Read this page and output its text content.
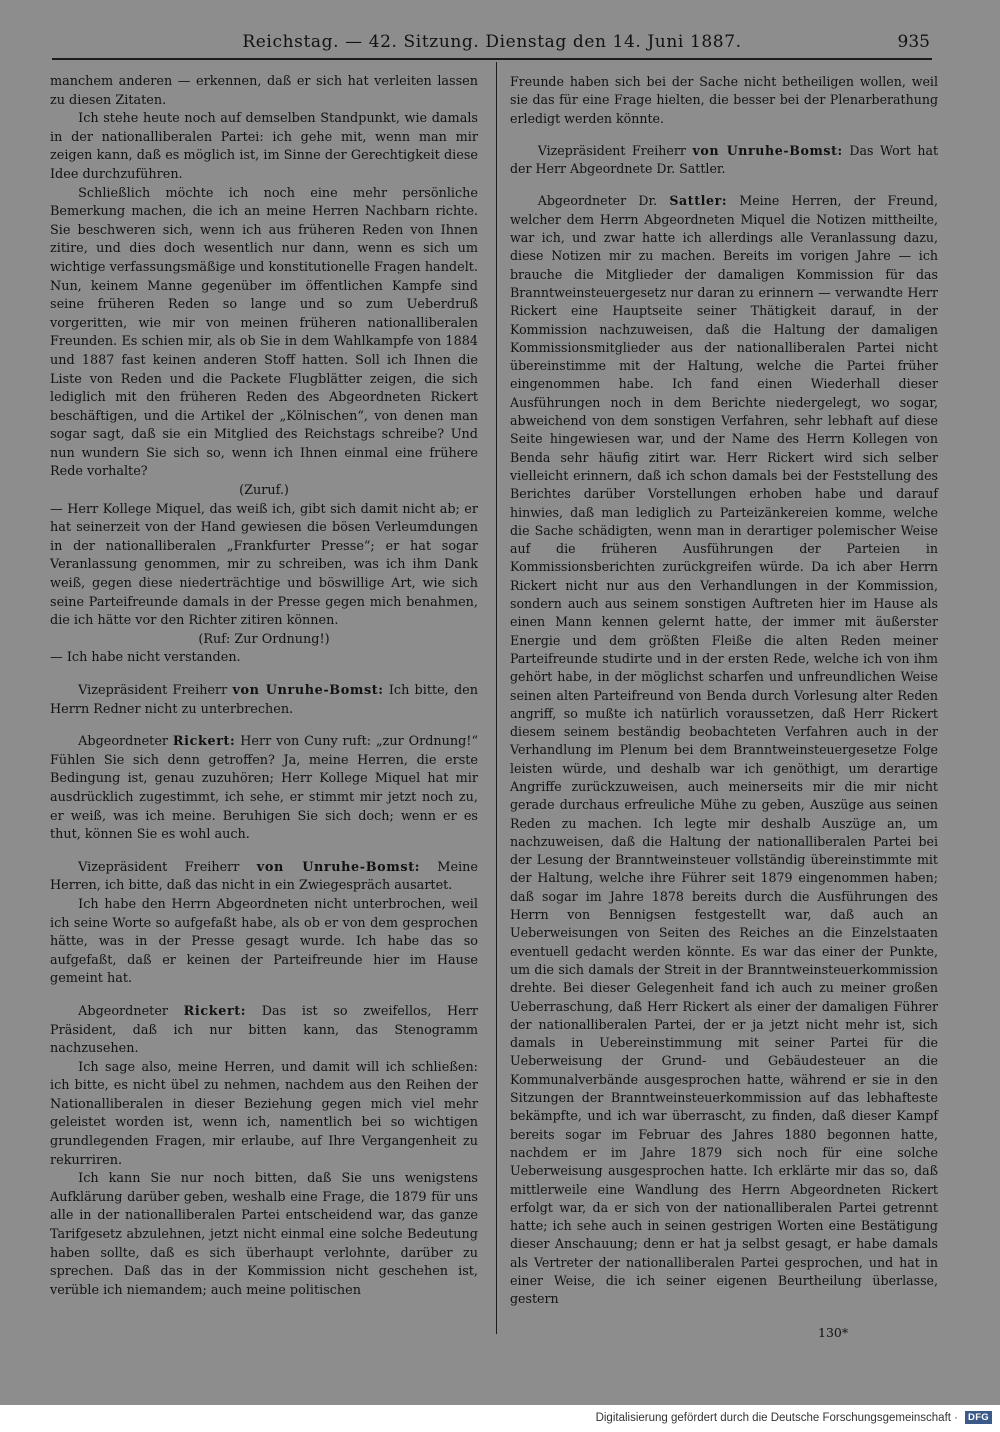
Reichstag. — 42. Sitzung. Dienstag den 14. Juni 1887.	935

manchem anderen — erkennen, daß er sich hat verleiten lassen zu diesen Zitaten.

Ich stehe heute noch auf demselben Standpunkt, wie damals in der nationalliberalen Partei: ich gehe mit, wenn man mir zeigen kann, daß es möglich ist, im Sinne der Gerechtigkeit diese Idee durchzuführen.

Schließlich möchte ich noch eine mehr persönliche Bemerkung machen, die ich an meine Herren Nachbarn richte. Sie beschweren sich, wenn ich aus früheren Reden von Ihnen zitire, und dies doch wesentlich nur dann, wenn es sich um wichtige verfassungsmäßige und konstitutionelle Fragen handelt. Nun, keinem Manne gegenüber im öffentlichen Kampfe sind seine früheren Reden so lange und so zum Ueberdruß vorgeritten, wie mir von meinen früheren nationalliberalen Freunden. Es schien mir, als ob Sie in dem Wahlkampfe von 1884 und 1887 fast keinen anderen Stoff hatten. Soll ich Ihnen die Liste von Reden und die Packete Flugblätter zeigen, die sich lediglich mit den früheren Reden des Abgeordneten Rickert beschäftigen, und die Artikel der „Kölnischen“, von denen man sogar sagt, daß sie ein Mitglied des Reichstags schreibe? Und nun wundern Sie sich so, wenn ich Ihnen einmal eine frühere Rede vorhalte?

(Zuruf.)

— Herr Kollege Miquel, das weiß ich, gibt sich damit nicht ab; er hat seinerzeit von der Hand gewiesen die bösen Verleumdungen in der nationalliberalen „Frankfurter Presse“; er hat sogar Veranlassung genommen, mir zu schreiben, was ich ihm Dank weiß, gegen diese niederträchtige und böswillige Art, wie sich seine Parteifreunde damals in der Presse gegen mich benahmen, die ich hätte vor den Richter zitiren können.

(Ruf: Zur Ordnung!)

— Ich habe nicht verstanden.

Vizepräsident Freiherr von Unruhe-Bomst: Ich bitte, den Herrn Redner nicht zu unterbrechen.

Abgeordneter Rickert: Herr von Cuny ruft: „zur Ordnung!“ Fühlen Sie sich denn getroffen? Ja, meine Herren, die erste Bedingung ist, genau zuzuhören; Herr Kollege Miquel hat mir ausdrücklich zugestimmt, ich sehe, er stimmt mir jetzt noch zu, er weiß, was ich meine. Beruhigen Sie sich doch; wenn er es thut, können Sie es wohl auch.

Vizepräsident Freiherr von Unruhe-Bomst: Meine Herren, ich bitte, daß das nicht in ein Zwiegespräch ausartet.

Ich habe den Herrn Abgeordneten nicht unterbrochen, weil ich seine Worte so aufgefaßt habe, als ob er von dem gesprochen hätte, was in der Presse gesagt wurde. Ich habe das so aufgefaßt, daß er keinen der Parteifreunde hier im Hause gemeint hat.

Abgeordneter Rickert: Das ist so zweifellos, Herr Präsident, daß ich nur bitten kann, das Stenogramm nachzusehen.

Ich sage also, meine Herren, und damit will ich schließen: ich bitte, es nicht übel zu nehmen, nachdem aus den Reihen der Nationalliberalen in dieser Beziehung gegen mich viel mehr geleistet worden ist, wenn ich, namentlich bei so wichtigen grundlegenden Fragen, mir erlaube, auf Ihre Vergangenheit zu rekurriren.

Ich kann Sie nur noch bitten, daß Sie uns wenigstens Aufklärung darüber geben, weshalb eine Frage, die 1879 für uns alle in der nationalliberalen Partei entscheidend war, das ganze Tarifgesetz abzulehnen, jetzt nicht einmal eine solche Bedeutung haben sollte, daß es sich überhaupt verlohnte, darüber zu sprechen. Daß das in der Kommission nicht geschehen ist, verüble ich niemandem; auch meine politischen

Freunde haben sich bei der Sache nicht betheiligen wollen, weil sie das für eine Frage hielten, die besser bei der Plenarberathung erledigt werden könnte.

Vizepräsident Freiherr von Unruhe-Bomst: Das Wort hat der Herr Abgeordnete Dr. Sattler.

Abgeordneter Dr. Sattler: Meine Herren, der Freund, welcher dem Herrn Abgeordneten Miquel die Notizen mittheilte, war ich, und zwar hatte ich allerdings alle Veranlassung dazu, diese Notizen mir zu machen. Bereits im vorigen Jahre — ich brauche die Mitglieder der damaligen Kommission für das Branntweinsteuergesetz nur daran zu erinnern — verwandte Herr Rickert eine Hauptseite seiner Thätigkeit darauf, in der Kommission nachzuweisen, daß die Haltung der damaligen Kommissionsmitglieder aus der nationalliberalen Partei nicht übereinstimme mit der Haltung, welche die Partei früher eingenommen habe. Ich fand einen Wiederhall dieser Ausführungen noch in dem Berichte niedergelegt, wo sogar, abweichend von dem sonstigen Verfahren, sehr lebhaft auf diese Seite hingewiesen war, und der Name des Herrn Kollegen von Benda sehr häufig zitirt war. Herr Rickert wird sich selber vielleicht erinnern, daß ich schon damals bei der Feststellung des Berichtes darüber Vorstellungen erhoben habe und darauf hinwies, daß man lediglich zu Parteizänkereien komme, welche die Sache schädigten, wenn man in derartiger polemischer Weise auf die früheren Ausführungen der Parteien in Kommissionsberichten zurückgreifen würde. Da ich aber Herrn Rickert nicht nur aus den Verhandlungen in der Kommission, sondern auch aus seinem sonstigen Auftreten hier im Hause als einen Mann kennen gelernt hatte, der immer mit äußerster Energie und dem größten Fleiße die alten Reden meiner Parteifreunde studirte und in der ersten Rede, welche ich von ihm gehört habe, in der möglichst scharfen und unfreundlichen Weise seinen alten Parteifreund von Benda durch Vorlesung alter Reden angriff, so mußte ich natürlich voraussetzen, daß Herr Rickert diesem seinem beständig beobachteten Verfahren auch in der Verhandlung im Plenum bei dem Branntweinsteuergesetze Folge leisten würde, und deshalb war ich genöthigt, um derartige Angriffe zurückzuweisen, auch meinerseits mir die mir nicht gerade durchaus erfreuliche Mühe zu geben, Auszüge aus seinen Reden zu machen. Ich legte mir deshalb Auszüge an, um nachzuweisen, daß die Haltung der nationalliberalen Partei bei der Lesung der Branntweinsteuer vollständig übereinstimmte mit der Haltung, welche ihre Führer seit 1879 eingenommen haben; daß sogar im Jahre 1878 bereits durch die Ausführungen des Herrn von Bennigsen festgestellt war, daß auch an Ueberweisungen von Seiten des Reiches an die Einzelstaaten eventuell gedacht werden könnte. Es war das einer der Punkte, um die sich damals der Streit in der Branntweinsteuerkommission drehte. Bei dieser Gelegenheit fand ich auch zu meiner großen Ueberraschung, daß Herr Rickert als einer der damaligen Führer der nationalliberalen Partei, der er ja jetzt nicht mehr ist, sich damals in Uebereinstimmung mit seiner Partei für die Ueberweisung der Grund- und Gebäudesteuer an die Kommunalverbände ausgesprochen hatte, während er sie in den Sitzungen der Branntweinsteuerkommission auf das lebhafteste bekämpfte, und ich war überrascht, zu finden, daß dieser Kampf bereits sogar im Februar des Jahres 1880 begonnen hatte, nachdem er im Jahre 1879 sich noch für eine solche Ueberweisung ausgesprochen hatte. Ich erklärte mir das so, daß mittlerweile eine Wandlung des Herrn Abgeordneten Rickert erfolgt war, da er sich von der nationalliberalen Partei getrennt hatte; ich sehe auch in seinen gestrigen Worten eine Bestätigung dieser Anschauung; denn er hat ja selbst gesagt, er habe damals als Vertreter der nationalliberalen Partei gesprochen, und hat in einer Weise, die ich seiner eigenen Beurtheilung überlasse, gestern

130*
Digitalisierung gefördert durch die Deutsche Forschungsgemeinschaft ·	DFG
